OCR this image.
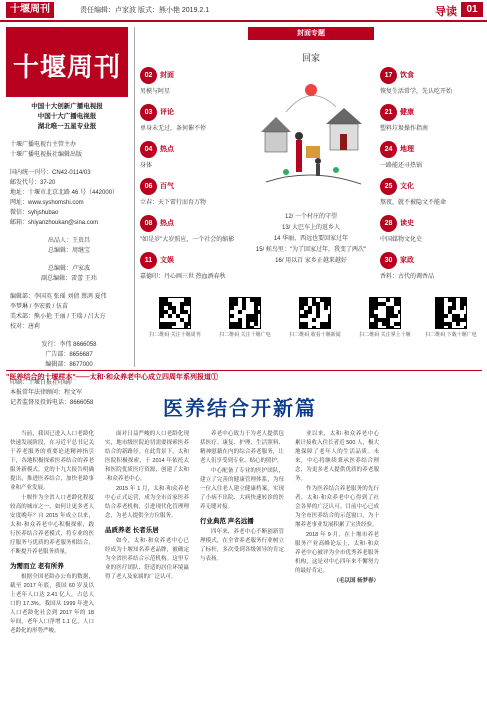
十堰周刊	责任编辑：卢家波 版式：熊小艳 2019.2.1	导读 01
十堰周刊
中国十大创新广播电视报
中国十大广播电视报
湖北唯一五星专业报
十堰广播电视台主管主办
十堰广播电视报社编辑出版
国内统一刊号：CN42-0114/03
邮发代号：37-20
地址：十堰市北京北路 46 号（442000）
网址：www.syshomshi.com
微信：syhjshubao
邮箱：shiyanzhoukan@sina.com
出品人：王贵昌
总编辑：周继宝
总编辑：卢家波
副总编辑：雷蕾 王玮
编辑部：李国英 张瑶 刘倩 蔡鸿 夏伟
李梦琳 / 李宏毅 / 伍苗
美术部：熊小艳 王丽 / 王瑞 / 吕大方
校对：唐莉
发行：李伟 8666058
广告部：8656687
编辑部：8677000
印刷：十堰日报社印刷厂
本报常年法律顾问：程文军
记者监督及投诉电话：8666058
封面专题
02	封面
男模与阿星
03	评论
单身未无过，条何催不停
04	热点
身体
06	百气
立春：天下雷行而育万物
08	热点
"如是岁"大岁照应，一个社会的缩影
11	文娱
嘉德印：丹心画三世 热血酒春秋
回家
12/ 一个村庄的守望
13/ 大巴车上的返乡人
14 华丽，西远也要回家过年
15/ 候鸟里："为了回家过年，我变了两次"
16/ 用以百 家乡正越来越好
17	饮食
恢复生活常学，先认吃开始
21	健康
塑料垃圾操作指南
24	地理
一路能还寻热锅
25	文化
熬夜，就不被隐文不能命
28	读史
中国媒物文化史
30	家政
香料：古代的调香品
扫二维码 关注十堰周刊	扫二维码 关注十堰广电	扫二维码 收看十堰新闻	扫二维码 关注掌上十堰	扫二维码 下载十堰广电
"医养结合的十堰样本"——太和·和众养老中心成立四周年系列报道①
医养结合开新篇

当前，我国已进入人口老龄化快速发展阶段，在习近平总书记关于养老服务的重要论述精神指引下，各地积极探索医养结合的养老服务新模式。党的十九大报告明确提出，推进医养结合，加快老龄事业和产业发展。

十堰作为全省人口老龄化程度较高的城市之一，如何让更多老人安度晚年？自 2015 年成立以来，太和·和众养老中心积极探索，践行医养结合养老模式，将专业的医疗服务与优质的养老服务相结合，不断提升养老服务质量。

为需而立 老有所养

根据全国老龄办公布的数据，截至 2017 年底，我国 60 岁及以上老年人口达 2.41 亿人，占总人口的 17.3%。我国从 1999 年进入人口老龄化社会到 2017 年的 18 年间，老年人口净增 1.1 亿，人口老龄化的形势严峻。

面对日益严峻的人口老龄化现实，地市级医院迫切需要探索医养结合的新路径。在此背景下，太和医院积极探索，于 2014 年依托太和医院优质医疗资源，创建了太和·和众养老中心。

2015 年 1 月，太和·和众养老中心正式运营，成为全市首家医养结合养老机构，引进现代化管理理念，为老人提供全方位服务。

品质养老 长者乐居

如今，太和·和众养老中心已经成为十堰知名养老品牌，被确定为全省医养结合示范机构。这里专业的医疗团队、舒适的居住环境赢得了老人及家属的广泛认可。

养老中心致力于为老人提供包括医疗、康复、护理、生活照料、精神慰藉在内的综合养老服务，让老人们享受到专业、贴心的照护。

中心配备了专业的医护团队，建立了完善的健康管理体系，为每一位入住老人建立健康档案，实现了小病不出院、大病快速转诊的医养无缝对接。

行业典范 声名远播

四年来，养老中心不断创新管理模式，在全省养老服务行业树立了标杆，多次受到各级领导的肯定与表扬。

业以来，太和·和众养老中心累计接收入住长者近 500 人，极大地保障了老年人的生活品质。未来，中心将继续秉承医养结合理念，为更多老人提供优质的养老服务。

作为医养结合养老服务的先行者，太和·和众养老中心得到了社会各界的广泛认可。目前中心已成为全市医养结合的示范窗口，为十堰养老事业发展积累了宝贵经验。

2018 年 9 月，在十堰市养老服务产业高峰论坛上，太和·和众养老中心被评为全市优秀养老服务机构，这是对中心四年来不懈努力的最好肯定。

（毛以国 杨梦春）
